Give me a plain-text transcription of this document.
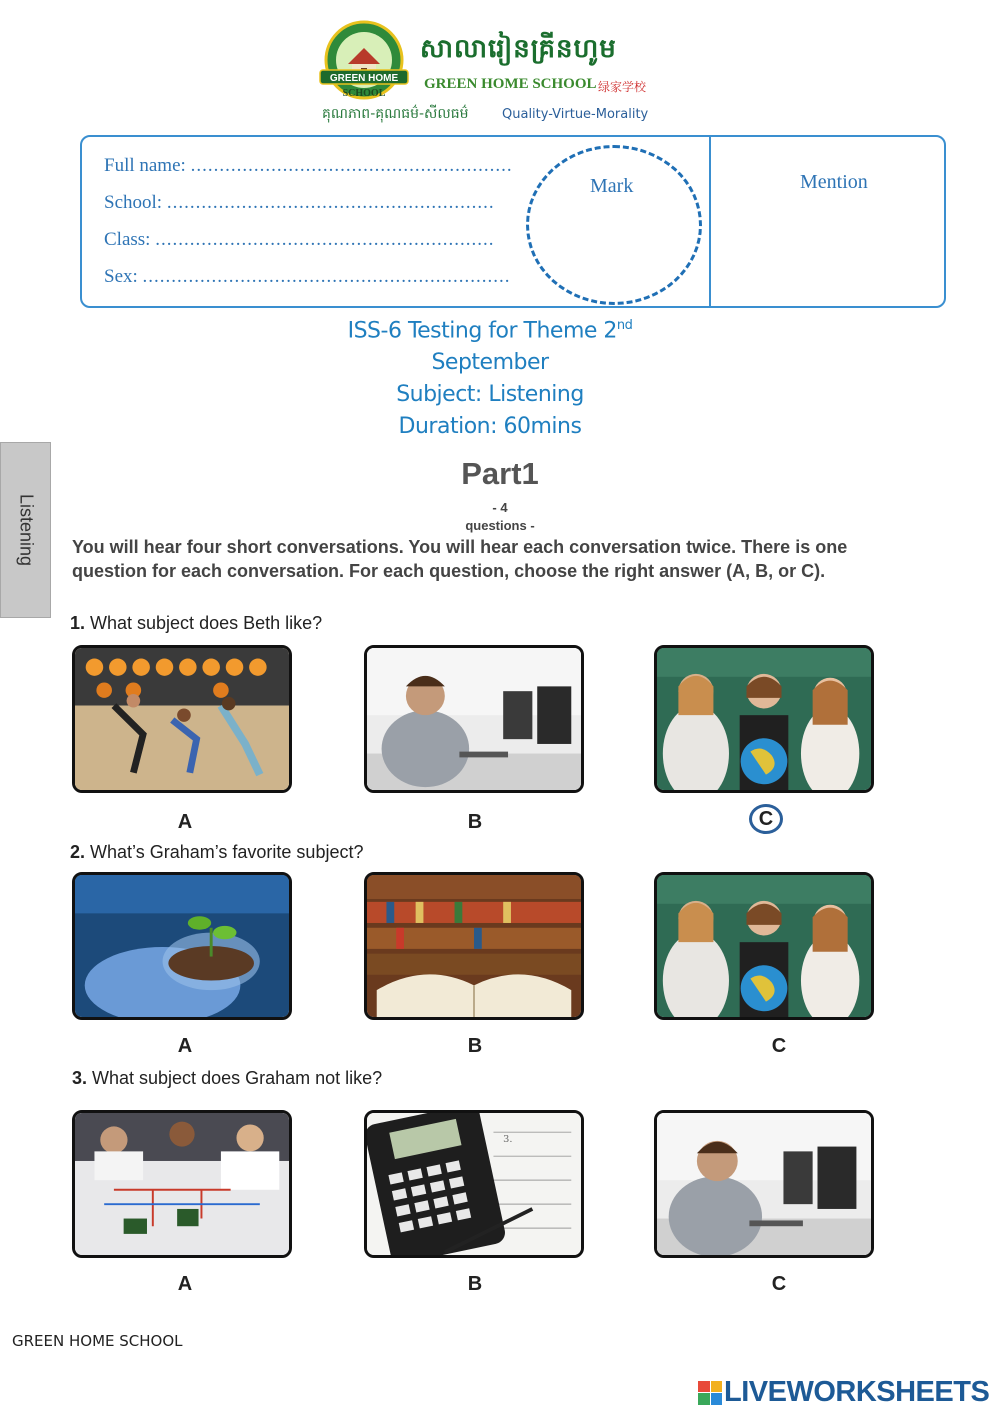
GREEN HOME
SCHOOL
សាលារៀនគ្រីនហូម
GREEN HOME SCHOOL 绿家学校
គុណភាព-គុណធម៌-សីលធម៌	Quality-Virtue-Morality
Full name: ........................................................
School: .........................................................
Class: ...........................................................
Sex: ................................................................
Mark	Mention
ISS-6 Testing for Theme 2nd
September
Subject: Listening
Duration: 60mins
Listening
Part1
- 4
questions -
You will hear four short conversations. You will hear each conversation twice. There is one question for each conversation. For each question, choose the right answer (A, B, or C).
1. What subject does Beth like?
A	B	C
2. What’s Graham’s favorite subject?
A	B	C
3. What subject does Graham not like?
3.
A	B	C
GREEN HOME SCHOOL
LIVEWORKSHEETS
